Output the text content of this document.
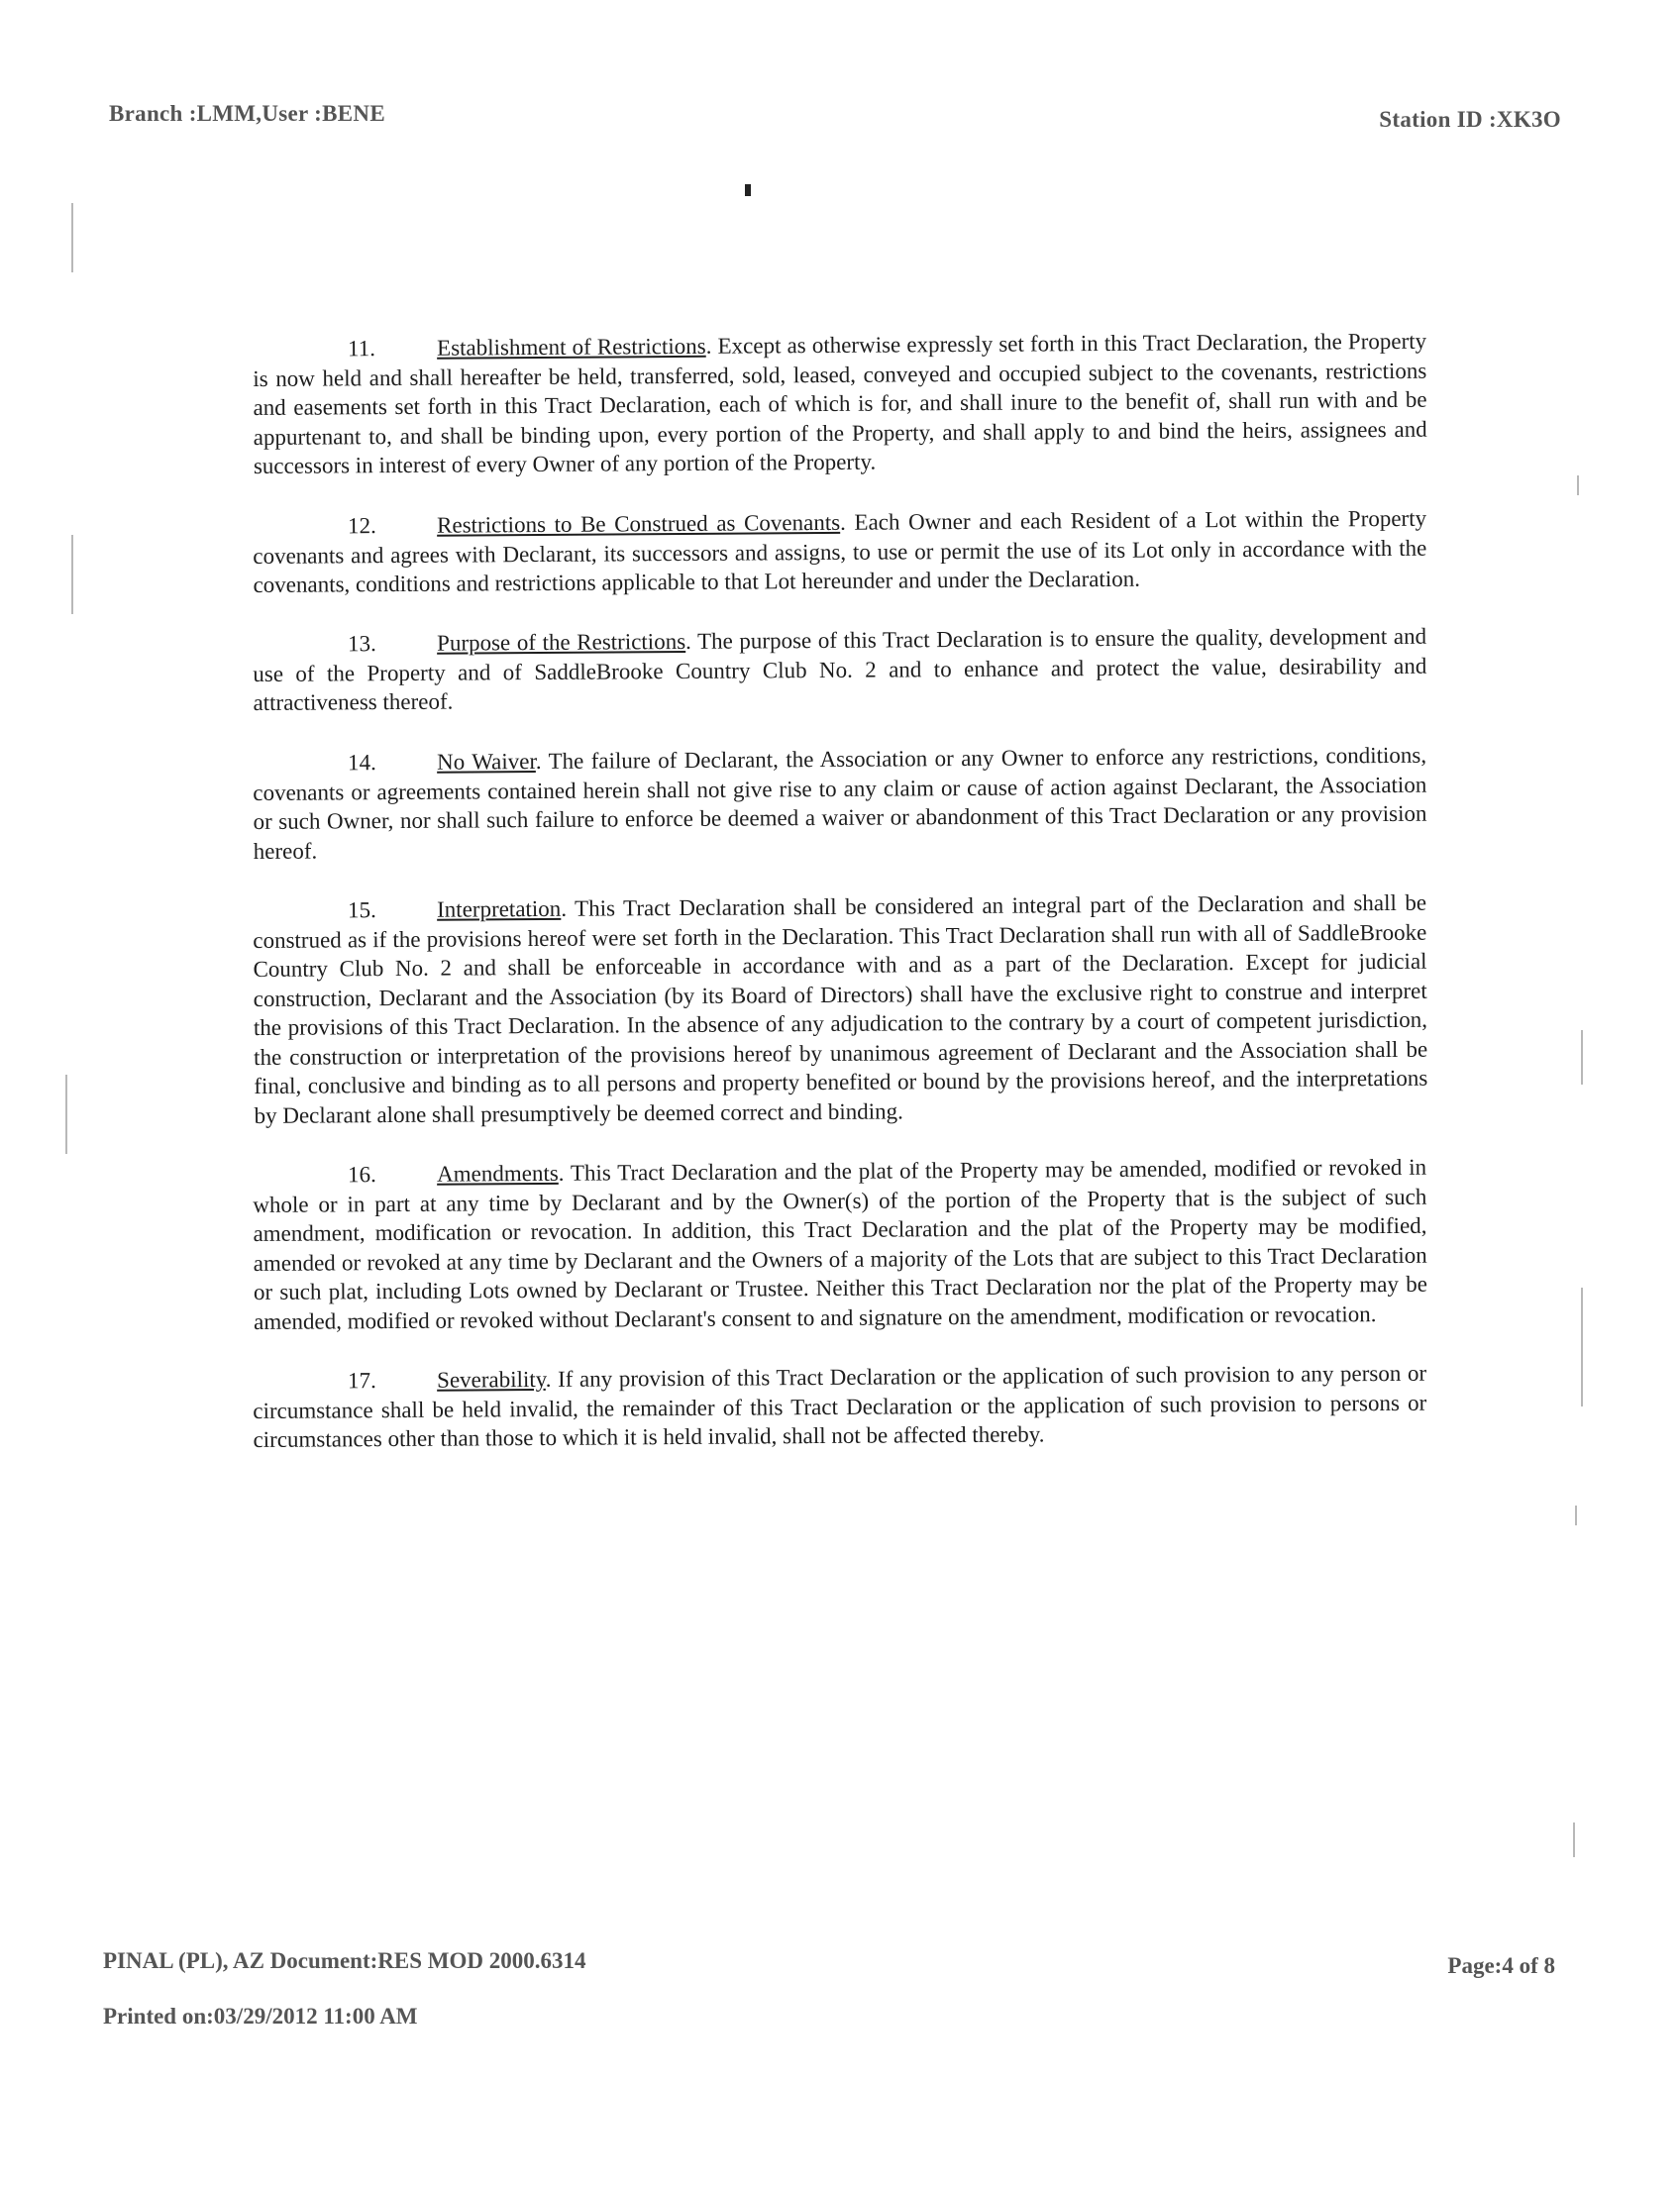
Branch :LMM,User :BENE	Station ID :XK3O

11.	Establishment of Restrictions. Except as otherwise expressly set forth in this Tract Declaration, the Property is now held and shall hereafter be held, transferred, sold, leased, conveyed and occupied subject to the covenants, restrictions and easements set forth in this Tract Declaration, each of which is for, and shall inure to the benefit of, shall run with and be appurtenant to, and shall be binding upon, every portion of the Property, and shall apply to and bind the heirs, assignees and successors in interest of every Owner of any portion of the Property.

12.	Restrictions to Be Construed as Covenants. Each Owner and each Resident of a Lot within the Property covenants and agrees with Declarant, its successors and assigns, to use or permit the use of its Lot only in accordance with the covenants, conditions and restrictions applicable to that Lot hereunder and under the Declaration.

13.	Purpose of the Restrictions. The purpose of this Tract Declaration is to ensure the quality, development and use of the Property and of SaddleBrooke Country Club No. 2 and to enhance and protect the value, desirability and attractiveness thereof.

14.	No Waiver. The failure of Declarant, the Association or any Owner to enforce any restrictions, conditions, covenants or agreements contained herein shall not give rise to any claim or cause of action against Declarant, the Association or such Owner, nor shall such failure to enforce be deemed a waiver or abandonment of this Tract Declaration or any provision hereof.

15.	Interpretation. This Tract Declaration shall be considered an integral part of the Declaration and shall be construed as if the provisions hereof were set forth in the Declaration. This Tract Declaration shall run with all of SaddleBrooke Country Club No. 2 and shall be enforceable in accordance with and as a part of the Declaration. Except for judicial construction, Declarant and the Association (by its Board of Directors) shall have the exclusive right to construe and interpret the provisions of this Tract Declaration. In the absence of any adjudication to the contrary by a court of competent jurisdiction, the construction or interpretation of the provisions hereof by unanimous agreement of Declarant and the Association shall be final, conclusive and binding as to all persons and property benefited or bound by the provisions hereof, and the interpretations by Declarant alone shall presumptively be deemed correct and binding.

16.	Amendments. This Tract Declaration and the plat of the Property may be amended, modified or revoked in whole or in part at any time by Declarant and by the Owner(s) of the portion of the Property that is the subject of such amendment, modification or revocation. In addition, this Tract Declaration and the plat of the Property may be modified, amended or revoked at any time by Declarant and the Owners of a majority of the Lots that are subject to this Tract Declaration or such plat, including Lots owned by Declarant or Trustee. Neither this Tract Declaration nor the plat of the Property may be amended, modified or revoked without Declarant's consent to and signature on the amendment, modification or revocation.

17.	Severability. If any provision of this Tract Declaration or the application of such provision to any person or circumstance shall be held invalid, the remainder of this Tract Declaration or the application of such provision to persons or circumstances other than those to which it is held invalid, shall not be affected thereby.

PINAL (PL), AZ Document:RES MOD 2000.6314	Page:4 of 8
Printed on:03/29/2012 11:00 AM
